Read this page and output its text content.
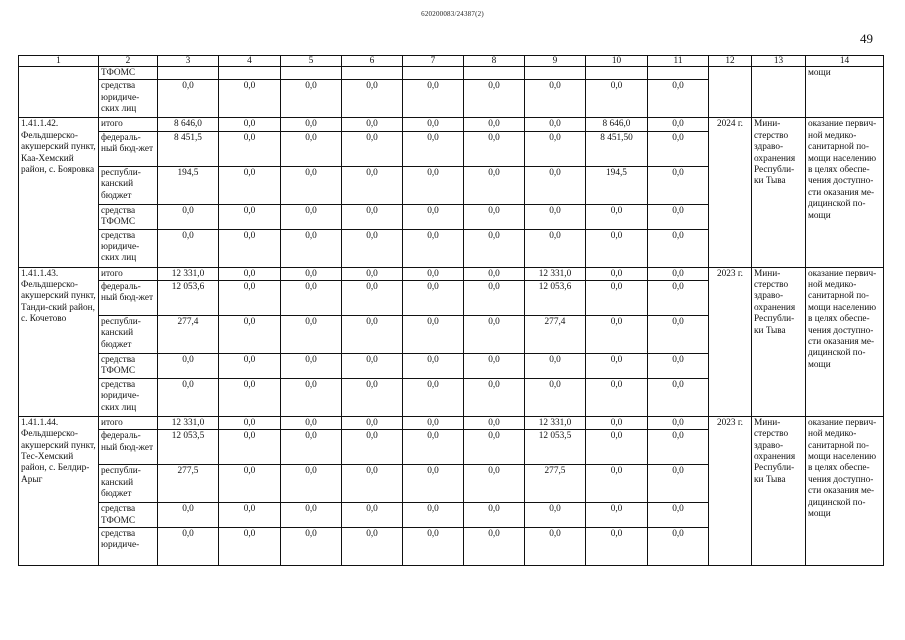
620200083/24387(2)
49
1	2	3	4	5	6	7	8	9	10	11	12	13	14
	ТФОМС												мощи
	средства юридиче-ских лиц	0,0	0,0	0,0	0,0	0,0	0,0	0,0	0,0	0,0			
1.41.1.42. Фельдшерско-акушерский пункт, Каа-Хемский район, с. Бояровка	итого	8 646,0	0,0	0,0	0,0	0,0	0,0	0,0	8 646,0	0,0	2024 г.	Мини-стерство здраво-охранения Республи-ки Тыва	оказание первич-ной медико-санитарной по-мощи населению в целях обеспе-чения доступно-сти оказания ме-дицинской по-мощи
	федераль-ный бюд-жет	8 451,5	0,0	0,0	0,0	0,0	0,0	0,0	8 451,50	0,0			
	республи-канский бюджет	194,5	0,0	0,0	0,0	0,0	0,0	0,0	194,5	0,0			
	средства ТФОМС	0,0	0,0	0,0	0,0	0,0	0,0	0,0	0,0	0,0			
	средства юридиче-ских лиц	0,0	0,0	0,0	0,0	0,0	0,0	0,0	0,0	0,0			
1.41.1.43. Фельдшерско-акушерский пункт, Танди-ский район, с. Кочетово	итого	12 331,0	0,0	0,0	0,0	0,0	0,0	12 331,0	0,0	0,0	2023 г.	Мини-стерство здраво-охранения Республи-ки Тыва	оказание первич-ной медико-санитарной по-мощи населению в целях обеспе-чения доступно-сти оказания ме-дицинской по-мощи
	федераль-ный бюд-жет	12 053,6	0,0	0,0	0,0	0,0	0,0	12 053,6	0,0	0,0			
	республи-канский бюджет	277,4	0,0	0,0	0,0	0,0	0,0	277,4	0,0	0,0			
	средства ТФОМС	0,0	0,0	0,0	0,0	0,0	0,0	0,0	0,0	0,0			
	средства юридиче-ских лиц	0,0	0,0	0,0	0,0	0,0	0,0	0,0	0,0	0,0			
1.41.1.44. Фельдшерско-акушерский пункт, Тес-Хемский район, с. Белдир-Арыг	итого	12 331,0	0,0	0,0	0,0	0,0	0,0	12 331,0	0,0	0,0	2023 г.	Мини-стерство здраво-охранения Республи-ки Тыва	оказание первич-ной медико-санитарной по-мощи населению в целях обеспе-чения доступно-сти оказания ме-дицинской по-мощи
	федераль-ный бюд-жет	12 053,5	0,0	0,0	0,0	0,0	0,0	12 053,5	0,0	0,0			
	республи-канский бюджет	277,5	0,0	0,0	0,0	0,0	0,0	277,5	0,0	0,0			
	средства ТФОМС	0,0	0,0	0,0	0,0	0,0	0,0	0,0	0,0	0,0			
	средства юридиче-	0,0	0,0	0,0	0,0	0,0	0,0	0,0	0,0	0,0			
